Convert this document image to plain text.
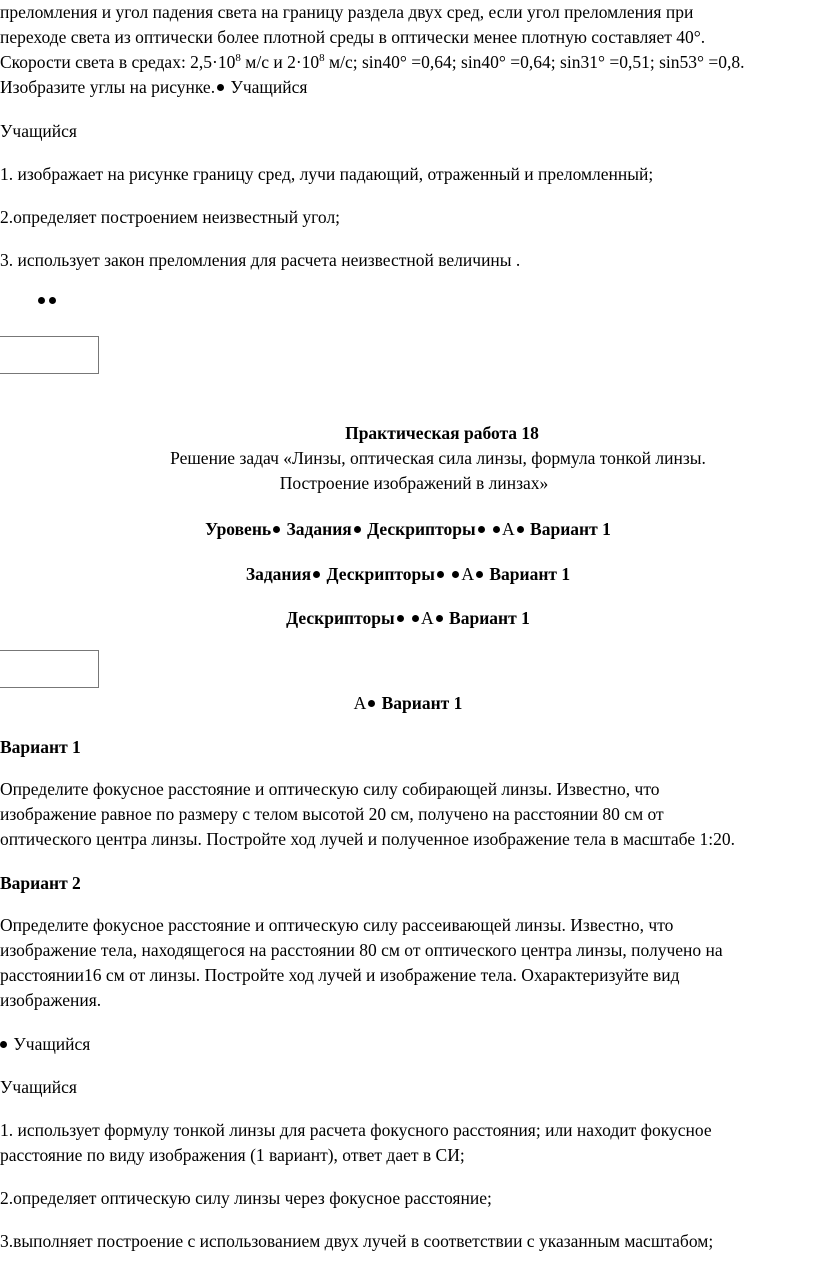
преломления и угол падения света на границу раздела двух сред, если угол преломления при

переходе света из оптически более плотной среды в оптически менее плотную составляет 40°.

Скорости света в средах: $2,5\cdot 10^8$ м/с и $2\cdot 10^8$ м/с; sin40° =0,64; sin40° =0,64; sin31° =0,51; sin53° =0,8.

Изобразите углы на рисунке. Учащийся

Учащийся

1. изображает на рисунке границу сред, лучи падающий, отраженный и преломленный;

2.определяет построением неизвестный угол;

3. использует закон преломления для расчета неизвестной величины .

Практическая работа 18

Решение задач «Линзы, оптическая сила линзы, формула тонкой линзы.

Построение изображений в линзах»

Уровень Задания Дескрипторы А Вариант 1

Задания Дескрипторы А Вариант 1

Дескрипторы А Вариант 1

А Вариант 1

Вариант 1

Определите фокусное расстояние и оптическую силу собирающей линзы. Известно, что

изображение равное по размеру с телом высотой 20 см, получено на расстоянии 80 см от

оптического центра линзы. Постройте ход лучей и полученное изображение тела в масштабе 1:20.

Вариант 2

Определите фокусное расстояние и оптическую силу рассеивающей линзы. Известно, что

изображение тела, находящегося на расстоянии 80 см от оптического центра линзы, получено на

расстоянии16 см от линзы. Постройте ход лучей и изображение тела. Охарактеризуйте вид

изображения.

Учащийся

Учащийся

1. использует формулу тонкой линзы для расчета фокусного расстояния; или находит фокусное

расстояние по виду изображения (1 вариант), ответ дает в СИ;

2.определяет оптическую силу линзы через фокусное расстояние;

3.выполняет построение с использованием двух лучей в соответствии с указанным масштабом;
